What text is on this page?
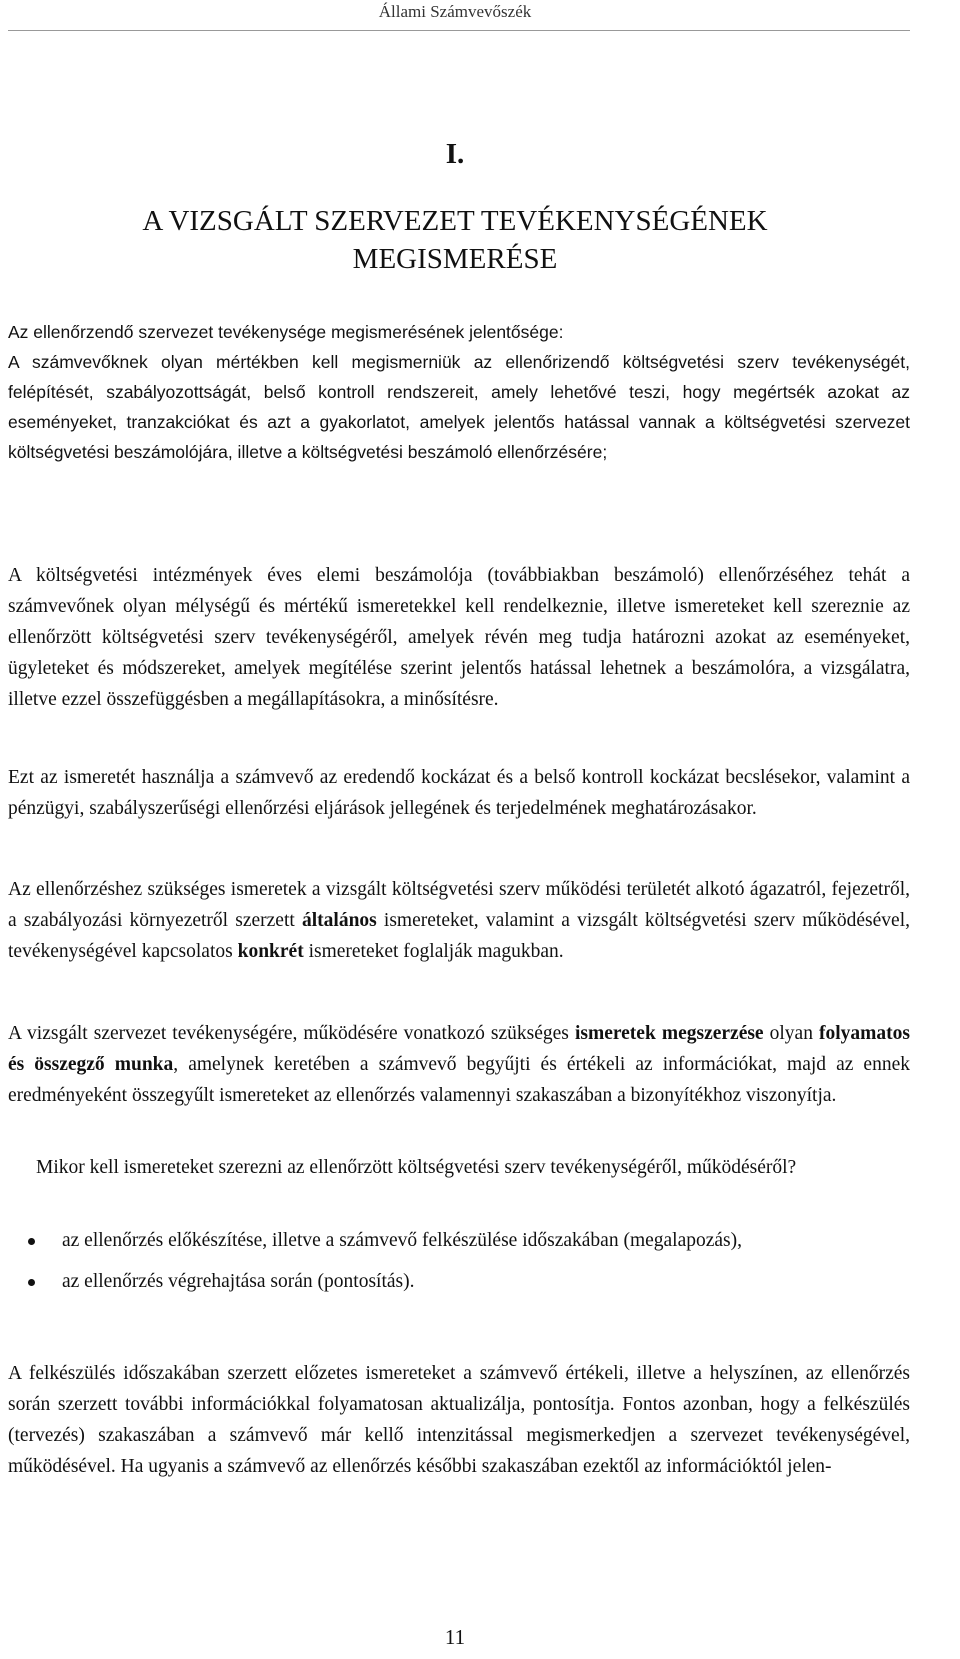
Állami Számvevőszék
I.
A VIZSGÁLT SZERVEZET TEVÉKENYSÉGÉNEK
MEGISMERÉSE

Az ellenőrzendő szervezet tevékenysége megismerésének jelentősége:

A számvevőknek olyan mértékben kell megismerniük az ellenőrizendő költségvetési szerv tevékenységét, felépítését, szabályozottságát, belső kontroll rendszereit, amely lehetővé teszi, hogy megértsék azokat az eseményeket, tranzakciókat és azt a gyakorlatot, amelyek jelentős hatással vannak a költségvetési szervezet költségvetési beszámolójára, illetve a költségvetési beszámoló ellenőrzésére;

A költségvetési intézmények éves elemi beszámolója (továbbiakban beszámoló) ellenőrzéséhez tehát a számvevőnek olyan mélységű és mértékű ismeretekkel kell rendelkeznie, illetve ismereteket kell szereznie az ellenőrzött költségvetési szerv tevékenységéről, amelyek révén meg tudja határozni azokat az eseményeket, ügyleteket és módszereket, amelyek megítélése szerint jelentős hatással lehetnek a beszámolóra, a vizsgálatra, illetve ezzel összefüggésben a megállapításokra, a minősítésre.

Ezt az ismeretét használja a számvevő az eredendő kockázat és a belső kontroll kockázat becslésekor, valamint a pénzügyi, szabályszerűségi ellenőrzési eljárások jellegének és terjedelmének meghatározásakor.

Az ellenőrzéshez szükséges ismeretek a vizsgált költségvetési szerv működési területét alkotó ágazatról, fejezetről, a szabályozási környezetről szerzett általános ismereteket, valamint a vizsgált költségvetési szerv működésével, tevékenységével kapcsolatos konkrét ismereteket foglalják magukban.

A vizsgált szervezet tevékenységére, működésére vonatkozó szükséges ismeretek megszerzése olyan folyamatos és összegző munka, amelynek keretében a számvevő begyűjti és értékeli az információkat, majd az ennek eredményeként összegyűlt ismereteket az ellenőrzés valamennyi szakaszában a bizonyítékhoz viszonyítja.

Mikor kell ismereteket szerezni az ellenőrzött költségvetési szerv tevékenységéről, működéséről?

az ellenőrzés előkészítése, illetve a számvevő felkészülése időszakában (megalapozás),
az ellenőrzés végrehajtása során (pontosítás).

A felkészülés időszakában szerzett előzetes ismereteket a számvevő értékeli, illetve a helyszínen, az ellenőrzés során szerzett további információkkal folyamatosan aktualizálja, pontosítja. Fontos azonban, hogy a felkészülés (tervezés) szakaszában a számvevő már kellő intenzitással megismerkedjen a szervezet tevékenységével, működésével. Ha ugyanis a számvevő az ellenőrzés későbbi szakaszában ezektől az információktól jelen-

11
